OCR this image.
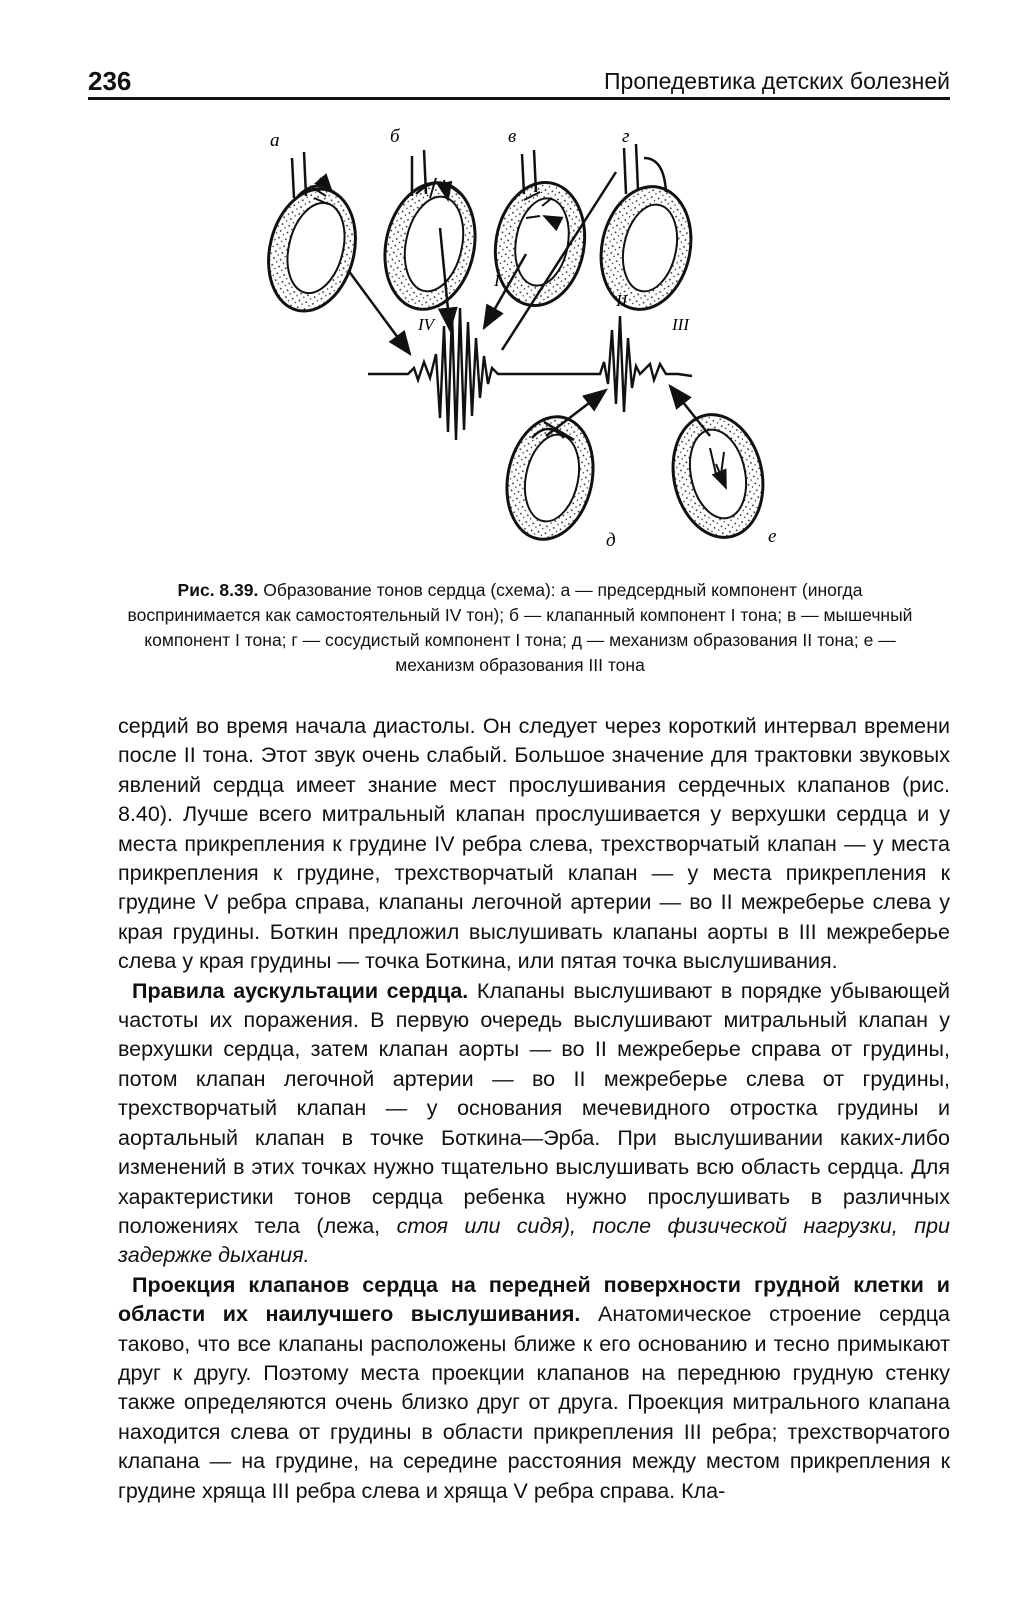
236	Пропедевтика детских болезней
а	б	в	г
IV
I
II
III
д	е
Рис. 8.39. Образование тонов сердца (схема): а — предсердный компонент (иногда воспринимается как самостоятельный IV тон); б — клапанный компонент I тона; в — мышечный компонент I тона; г — сосудистый компонент I тона; д — механизм образования II тона; е — механизм образования III тона

сердий во время начала диастолы. Он следует через короткий интервал времени после II тона. Этот звук очень слабый. Большое значение для трактовки звуковых явлений сердца имеет знание мест прослушивания сердечных клапанов (рис. 8.40). Лучше всего митральный клапан прослушивается у верхушки сердца и у места прикрепления к грудине IV ребра слева, трехстворчатый клапан — у места прикрепления к грудине, трехстворчатый клапан — у места прикрепления к грудине V ребра справа, клапаны легочной артерии — во II межреберье слева у края грудины. Боткин предложил выслушивать клапаны аорты в III межреберье слева у края грудины — точка Боткина, или пятая точка выслушивания.

Правила аускультации сердца. Клапаны выслушивают в порядке убывающей частоты их поражения. В первую очередь выслушивают митральный клапан у верхушки сердца, затем клапан аорты — во II межреберье справа от грудины, потом клапан легочной артерии — во II межреберье слева от грудины, трехстворчатый клапан — у основания мечевидного отростка грудины и аортальный клапан в точке Боткина—Эрба. При выслушивании каких-либо изменений в этих точках нужно тщательно выслушивать всю область сердца. Для характеристики тонов сердца ребенка нужно прослушивать в различных положениях тела (лежа, стоя или сидя), после физической нагрузки, при задержке дыхания.

Проекция клапанов сердца на передней поверхности грудной клетки и области их наилучшего выслушивания. Анатомическое строение сердца таково, что все клапаны расположены ближе к его основанию и тесно примыкают друг к другу. Поэтому места проекции клапанов на переднюю грудную стенку также определяются очень близко друг от друга. Проекция митрального клапана находится слева от грудины в области прикрепления III ребра; трехстворчатого клапана — на грудине, на середине расстояния между местом прикрепления к грудине хряща III ребра слева и хряща V ребра справа. Кла-
